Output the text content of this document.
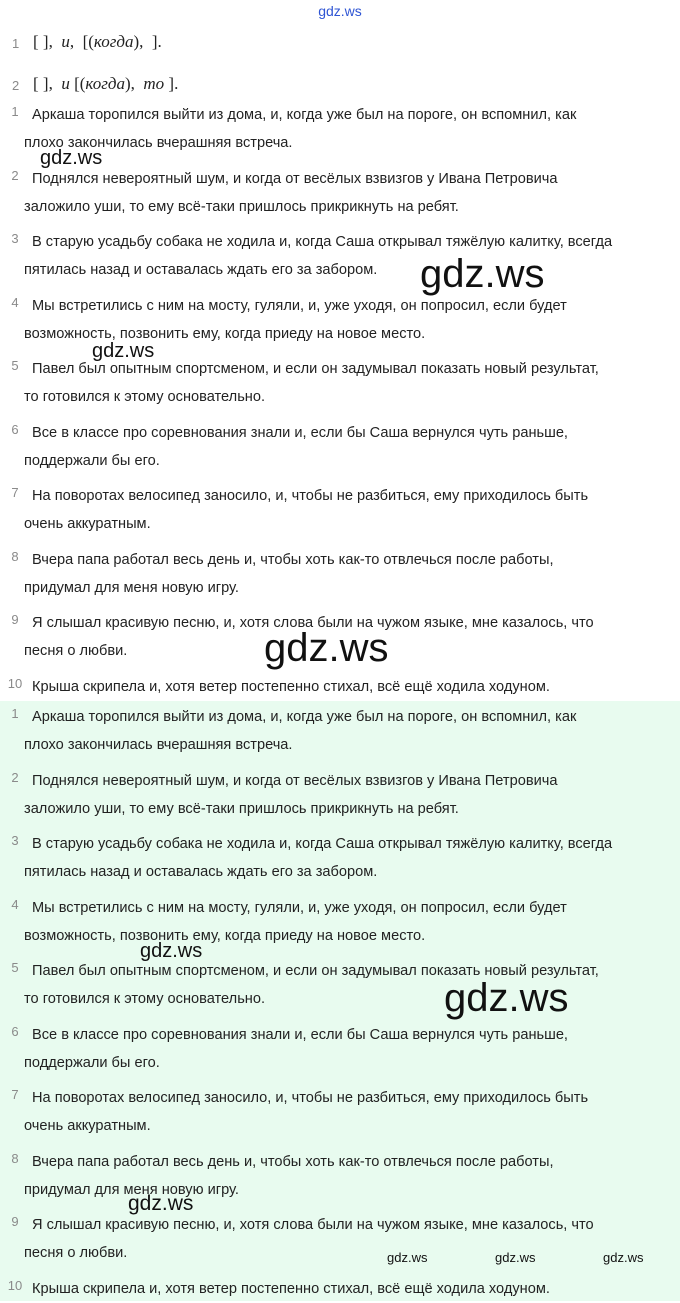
gdz.ws
1 [ ],  и,  [(когда),  ].
2 [ ],  и [(когда),  то ].
1 Аркаша торопился выйти из дома, и, когда уже был на пороге, он вспомнил, как
плохо закончилась вчерашняя встреча.
2 Поднялся невероятный шум, и когда от весёлых взвизгов у Ивана Петровича
заложило уши, то ему всё-таки пришлось прикрикнуть на ребят.
3 В старую усадьбу собака не ходила и, когда Саша открывал тяжёлую калитку, всегда
пятилась назад и оставалась ждать его за забором.
4 Мы встретились с ним на мосту, гуляли, и, уже уходя, он попросил, если будет
возможность, позвонить ему, когда приеду на новое место.
5 Павел был опытным спортсменом, и если он задумывал показать новый результат,
то готовился к этому основательно.
6 Все в классе про соревнования знали и, если бы Саша вернулся чуть раньше,
поддержали бы его.
7 На поворотах велосипед заносило, и, чтобы не разбиться, ему приходилось быть
очень аккуратным.
8 Вчера папа работал весь день и, чтобы хоть как-то отвлечься после работы,
придумал для меня новую игру.
9 Я слышал красивую песню, и, хотя слова были на чужом языке, мне казалось, что
песня о любви.
10 Крыша скрипела и, хотя ветер постепенно стихал, всё ещё ходила ходуном.
1 Аркаша торопился выйти из дома, и, когда уже был на пороге, он вспомнил, как
плохо закончилась вчерашняя встреча.
2 Поднялся невероятный шум, и когда от весёлых взвизгов у Ивана Петровича
заложило уши, то ему всё-таки пришлось прикрикнуть на ребят.
3 В старую усадьбу собака не ходила и, когда Саша открывал тяжёлую калитку, всегда
пятилась назад и оставалась ждать его за забором.
4 Мы встретились с ним на мосту, гуляли, и, уже уходя, он попросил, если будет
возможность, позвонить ему, когда приеду на новое место.
5 Павел был опытным спортсменом, и если он задумывал показать новый результат,
то готовился к этому основательно.
6 Все в классе про соревнования знали и, если бы Саша вернулся чуть раньше,
поддержали бы его.
7 На поворотах велосипед заносило, и, чтобы не разбиться, ему приходилось быть
очень аккуратным.
8 Вчера папа работал весь день и, чтобы хоть как-то отвлечься после работы,
придумал для меня новую игру.
9 Я слышал красивую песню, и, хотя слова были на чужом языке, мне казалось, что
песня о любви.
10 Крыша скрипела и, хотя ветер постепенно стихал, всё ещё ходила ходуном.
gdz.ws
gdz.ws
gdz.ws
gdz.ws
gdz.ws
gdz.ws
gdz.ws
gdz.ws	gdz.ws	gdz.ws
